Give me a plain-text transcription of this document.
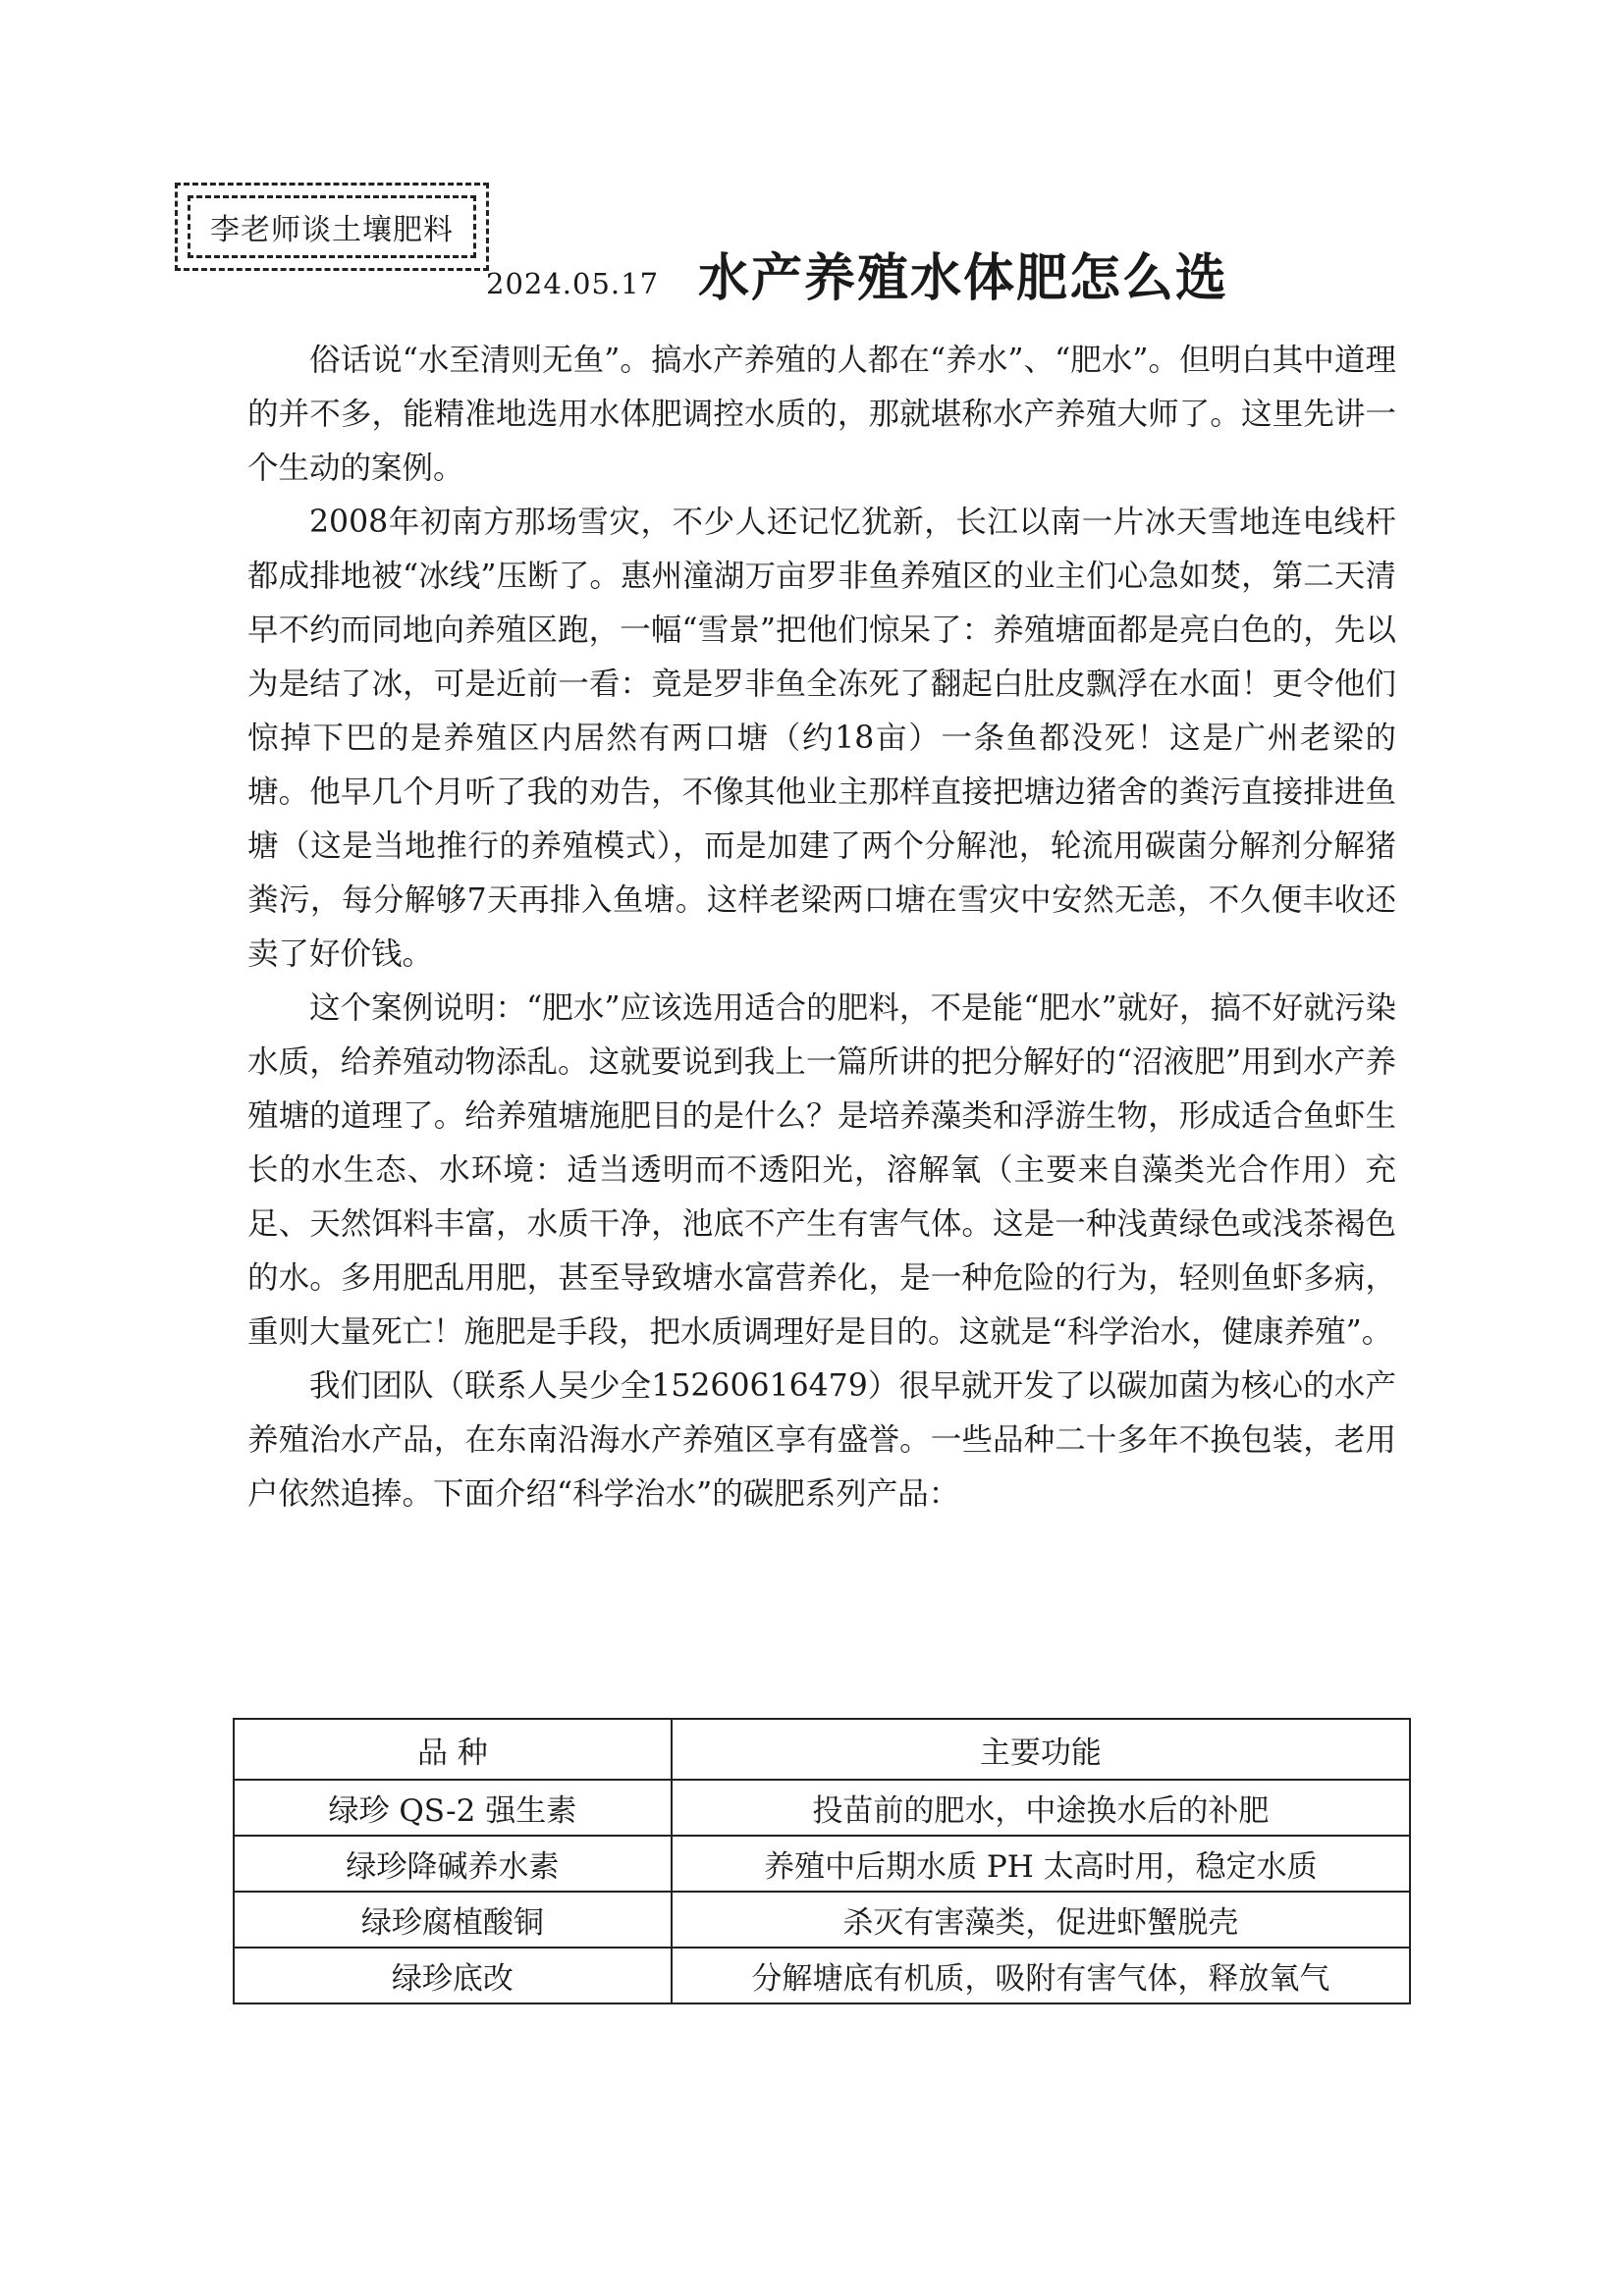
李老师谈土壤肥料
2024.05.17 水产养殖水体肥怎么选

俗话说“水至清则无鱼”。搞水产养殖的人都在“养水”、“肥水”。但明白其中道理的并不多，能精准地选用水体肥调控水质的，那就堪称水产养殖大师了。这里先讲一个生动的案例。

2008年初南方那场雪灾，不少人还记忆犹新，长江以南一片冰天雪地连电线杆都成排地被“冰线”压断了。惠州潼湖万亩罗非鱼养殖区的业主们心急如焚，第二天清早不约而同地向养殖区跑，一幅“雪景”把他们惊呆了：养殖塘面都是亮白色的，先以为是结了冰，可是近前一看：竟是罗非鱼全冻死了翻起白肚皮飘浮在水面！更令他们惊掉下巴的是养殖区内居然有两口塘（约18亩）一条鱼都没死！这是广州老梁的塘。他早几个月听了我的劝告，不像其他业主那样直接把塘边猪舍的粪污直接排进鱼塘（这是当地推行的养殖模式），而是加建了两个分解池，轮流用碳菌分解剂分解猪粪污，每分解够7天再排入鱼塘。这样老梁两口塘在雪灾中安然无恙，不久便丰收还卖了好价钱。

这个案例说明：“肥水”应该选用适合的肥料，不是能“肥水”就好，搞不好就污染水质，给养殖动物添乱。这就要说到我上一篇所讲的把分解好的“沼液肥”用到水产养殖塘的道理了。给养殖塘施肥目的是什么？是培养藻类和浮游生物，形成适合鱼虾生长的水生态、水环境：适当透明而不透阳光，溶解氧（主要来自藻类光合作用）充足、天然饵料丰富，水质干净，池底不产生有害气体。这是一种浅黄绿色或浅茶褐色的水。多用肥乱用肥，甚至导致塘水富营养化，是一种危险的行为，轻则鱼虾多病，重则大量死亡！施肥是手段，把水质调理好是目的。这就是“科学治水，健康养殖”。

我们团队（联系人吴少全15260616479）很早就开发了以碳加菌为核心的水产养殖治水产品，在东南沿海水产养殖区享有盛誉。一些品种二十多年不换包装，老用户依然追捧。下面介绍“科学治水”的碳肥系列产品：

品 种	主要功能
绿珍 QS-2 强生素	投苗前的肥水，中途换水后的补肥
绿珍降碱养水素	养殖中后期水质 PH 太高时用，稳定水质
绿珍腐植酸铜	杀灭有害藻类，促进虾蟹脱壳
绿珍底改	分解塘底有机质，吸附有害气体，释放氧气
